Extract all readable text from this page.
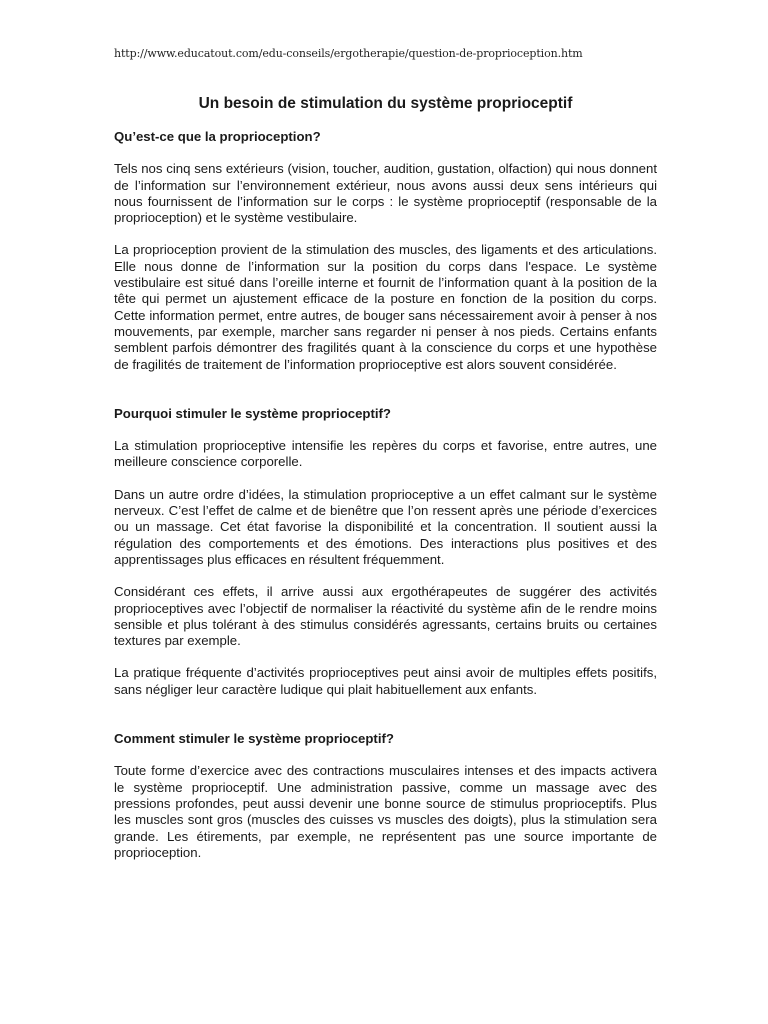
http://www.educatout.com/edu-conseils/ergotherapie/question-de-proprioception.htm
Un besoin de stimulation du système proprioceptif
Qu’est-ce que la proprioception?

Tels nos cinq sens extérieurs (vision, toucher, audition, gustation, olfaction) qui nous donnent de l’information sur l’environnement extérieur, nous avons aussi deux sens intérieurs qui nous fournissent de l’information sur le corps : le système proprioceptif (responsable de la proprioception) et le système vestibulaire.

La proprioception provient de la stimulation des muscles, des ligaments et des articulations. Elle nous donne de l’information sur la position du corps dans l'espace. Le système vestibulaire est situé dans l’oreille interne et fournit de l’information quant à la position de la tête qui permet un ajustement efficace de la posture en fonction de la position du corps. Cette information permet, entre autres, de bouger sans nécessairement avoir à penser à nos mouvements, par exemple, marcher sans regarder ni penser à nos pieds. Certains enfants semblent parfois démontrer des fragilités quant à la conscience du corps et une hypothèse de fragilités de traitement de l’information proprioceptive est alors souvent considérée.

Pourquoi stimuler le système proprioceptif?

La stimulation proprioceptive intensifie les repères du corps et favorise, entre autres, une meilleure conscience corporelle.

Dans un autre ordre d’idées, la stimulation proprioceptive a un effet calmant sur le système nerveux. C’est l’effet de calme et de bienêtre que l’on ressent après une période d’exercices ou un massage. Cet état favorise la disponibilité et la concentration. Il soutient aussi la régulation des comportements et des émotions. Des interactions plus positives et des apprentissages plus efficaces en résultent fréquemment.

Considérant ces effets, il arrive aussi aux ergothérapeutes de suggérer des activités proprioceptives avec l’objectif de normaliser la réactivité du système afin de le rendre moins sensible et plus tolérant à des stimulus considérés agressants, certains bruits ou certaines textures par exemple.

La pratique fréquente d’activités proprioceptives peut ainsi avoir de multiples effets positifs, sans négliger leur caractère ludique qui plait habituellement aux enfants.

Comment stimuler le système proprioceptif?

Toute forme d’exercice avec des contractions musculaires intenses et des impacts activera le système proprioceptif. Une administration passive, comme un massage avec des pressions profondes, peut aussi devenir une bonne source de stimulus proprioceptifs. Plus les muscles sont gros (muscles des cuisses vs muscles des doigts), plus la stimulation sera grande. Les étirements, par exemple, ne représentent pas une source importante de proprioception.
